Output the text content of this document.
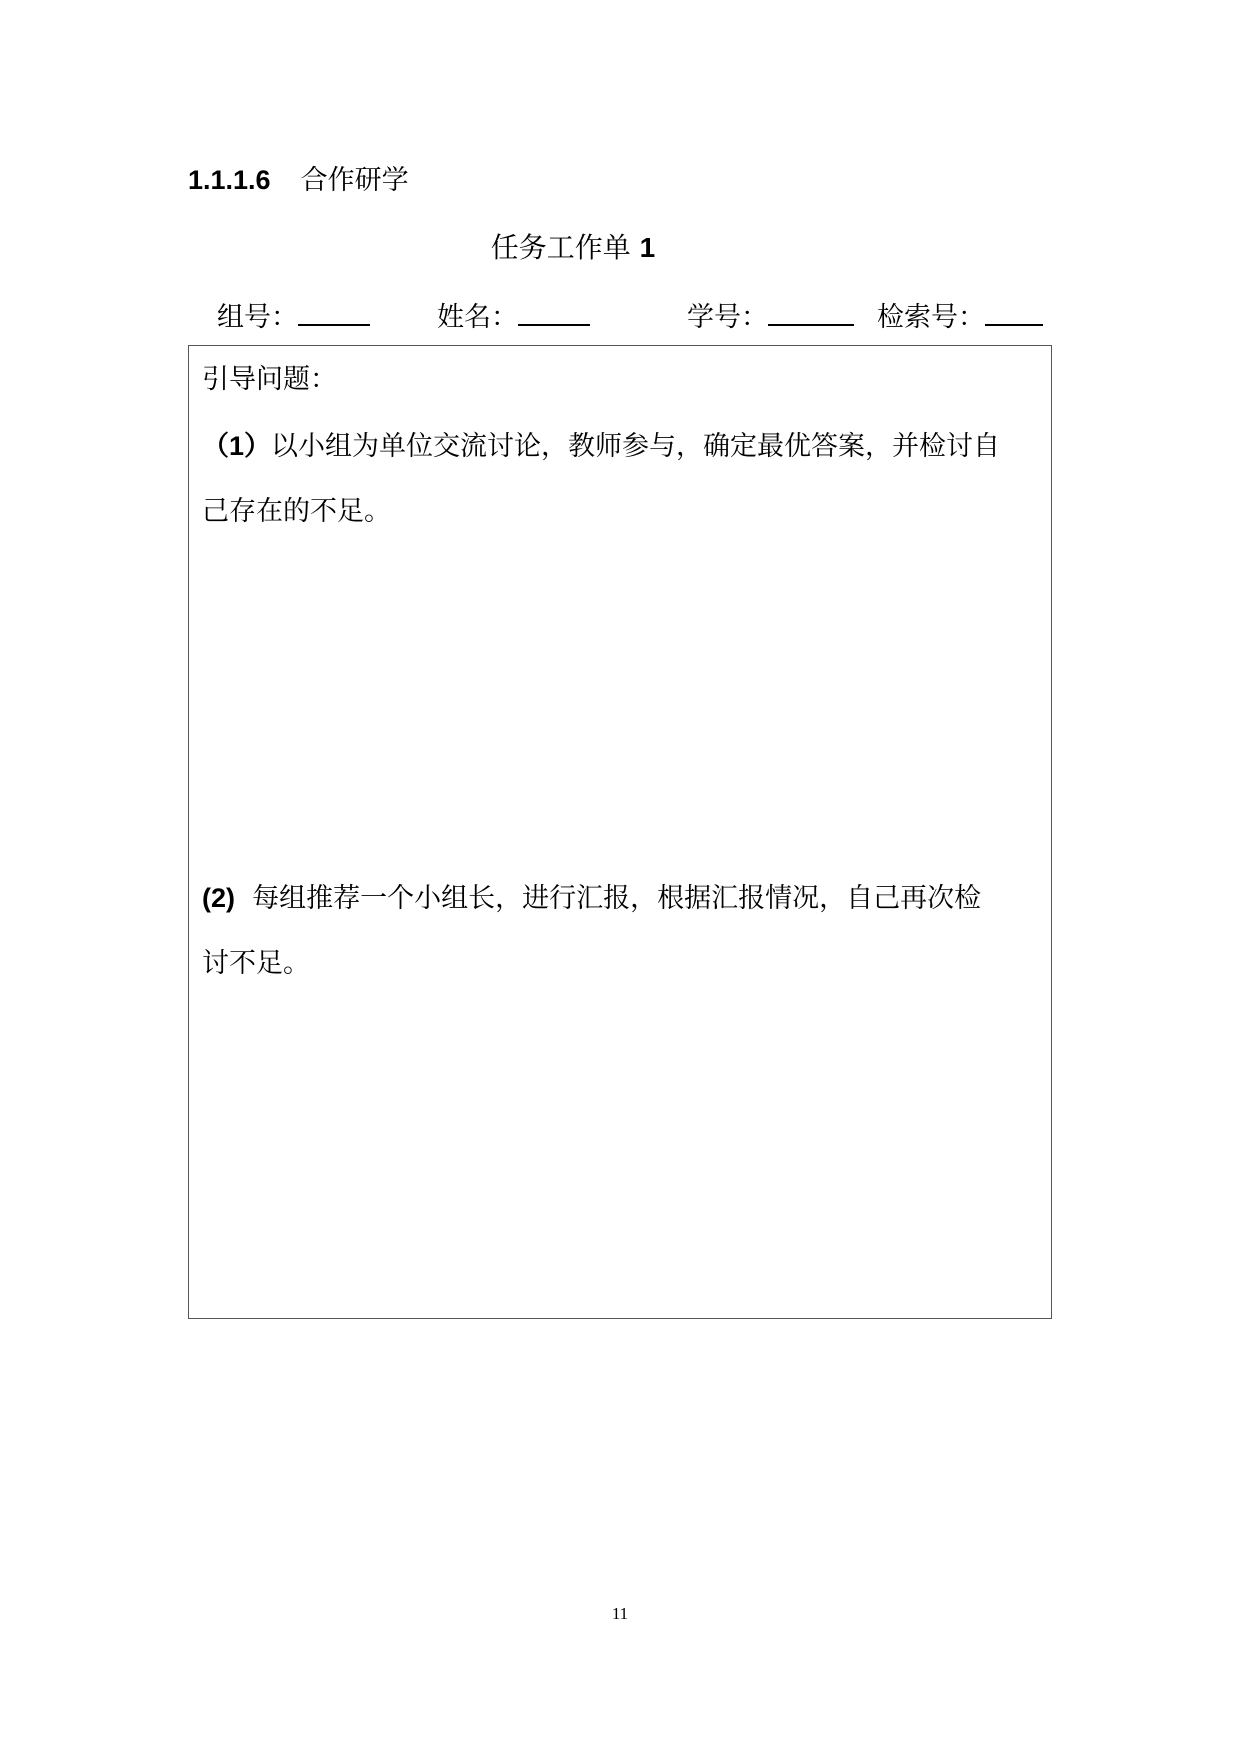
1.1.1.6 合作研学
任务工作单 1
组号：	姓名：	学号：	检索号：
引导问题：
（1）以小组为单位交流讨论，教师参与，确定最优答案，并检讨自
己存在的不足。
(2) 每组推荐一个小组长，进行汇报，根据汇报情况，自己再次检
讨不足。
11
